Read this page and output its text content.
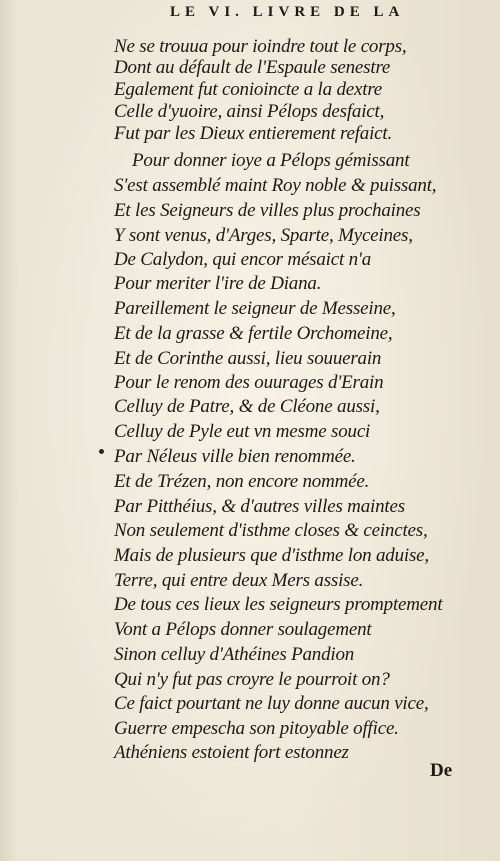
LE VI. LIVRE DE LA
Ne se trouua pour ioindre tout le corps,
Dont au défault de l'Espaule senestre
Egalement fut conioincte a la dextre
Celle d'yuoire, ainsi Pélops desfaict,
Fut par les Dieux entierement refaict.
Pour donner ioye a Pélops gémissant
S'est assemblé maint Roy noble & puissant,
Et les Seigneurs de villes plus prochaines
Y sont venus, d'Arges, Sparte, Myceines,
De Calydon, qui encor mésaict n'a
Pour meriter l'ire de Diana.
Pareillement le seigneur de Messeine,
Et de la grasse & fertile Orchomeine,
Et de Corinthe aussi, lieu souuerain
Pour le renom des ouurages d'Erain
Celluy de Patre, & de Cléone aussi,
Celluy de Pyle eut vn mesme souci
Par Néleus ville bien renommée.
Et de Trézen, non encore nommée.
Par Pitthéius, & d'autres villes maintes
Non seulement d'isthme closes & ceinctes,
Mais de plusieurs que d'isthme lon aduise,
Terre, qui entre deux Mers assise.
De tous ces lieux les seigneurs promptement
Vont a Pélops donner soulagement
Sinon celluy d'Athéines Pandion
Qui n'y fut pas croyre le pourroit on?
Ce faict pourtant ne luy donne aucun vice,
Guerre empescha son pitoyable office.
Athéniens estoient fort estonnez
De
